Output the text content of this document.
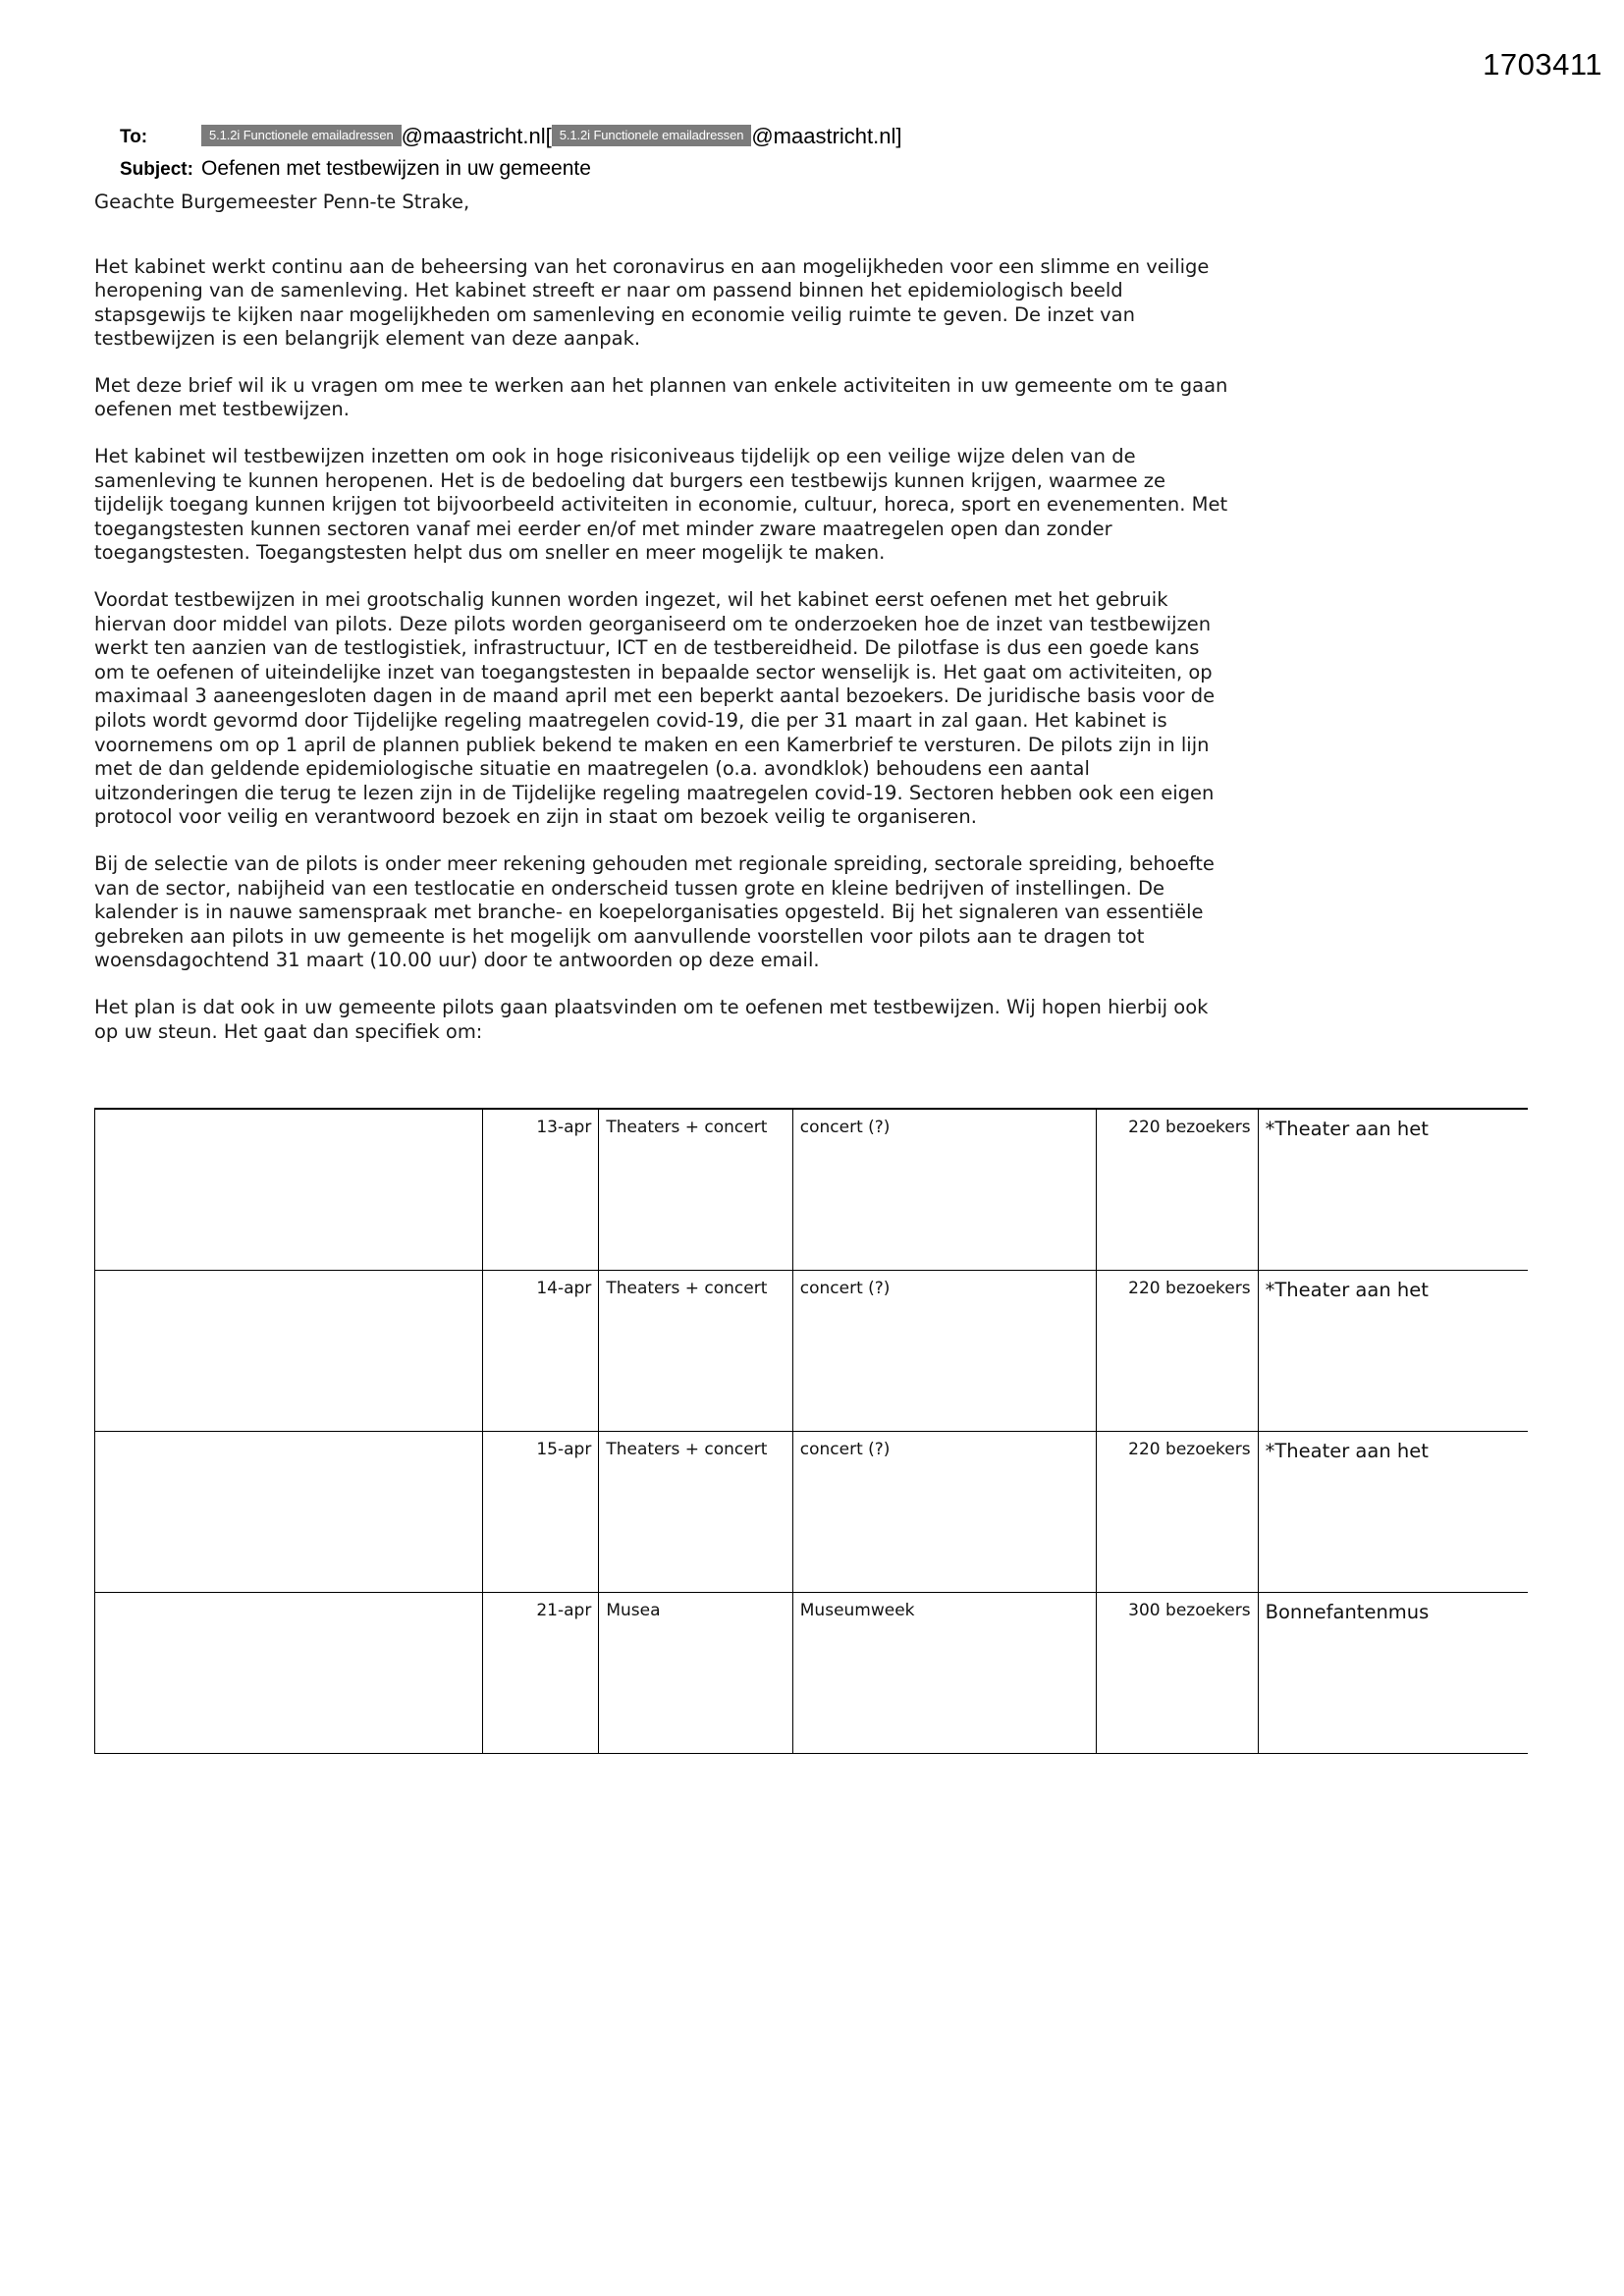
1703411
To:	5.1.2i Functionele emailadressen @maastricht.nl[ 5.1.2i Functionele emailadressen @maastricht.nl]
Subject: Oefenen met testbewijzen in uw gemeente

Geachte Burgemeester Penn-te Strake,

Het kabinet werkt continu aan de beheersing van het coronavirus en aan mogelijkheden voor een slimme en veilige heropening van de samenleving. Het kabinet streeft er naar om passend binnen het epidemiologisch beeld stapsgewijs te kijken naar mogelijkheden om samenleving en economie veilig ruimte te geven. De inzet van testbewijzen is een belangrijk element van deze aanpak.

Met deze brief wil ik u vragen om mee te werken aan het plannen van enkele activiteiten in uw gemeente om te gaan oefenen met testbewijzen.

Het kabinet wil testbewijzen inzetten om ook in hoge risiconiveaus tijdelijk op een veilige wijze delen van de samenleving te kunnen heropenen. Het is de bedoeling dat burgers een testbewijs kunnen krijgen, waarmee ze tijdelijk toegang kunnen krijgen tot bijvoorbeeld activiteiten in economie, cultuur, horeca, sport en evenementen. Met toegangstesten kunnen sectoren vanaf mei eerder en/of met minder zware maatregelen open dan zonder toegangstesten. Toegangstesten helpt dus om sneller en meer mogelijk te maken.

Voordat testbewijzen in mei grootschalig kunnen worden ingezet, wil het kabinet eerst oefenen met het gebruik hiervan door middel van pilots. Deze pilots worden georganiseerd om te onderzoeken hoe de inzet van testbewijzen werkt ten aanzien van de testlogistiek, infrastructuur, ICT en de testbereidheid. De pilotfase is dus een goede kans om te oefenen of uiteindelijke inzet van toegangstesten in bepaalde sector wenselijk is. Het gaat om activiteiten, op maximaal 3 aaneengesloten dagen in de maand april met een beperkt aantal bezoekers. De juridische basis voor de pilots wordt gevormd door Tijdelijke regeling maatregelen covid-19, die per 31 maart in zal gaan. Het kabinet is voornemens om op 1 april de plannen publiek bekend te maken en een Kamerbrief te versturen. De pilots zijn in lijn met de dan geldende epidemiologische situatie en maatregelen (o.a. avondklok) behoudens een aantal uitzonderingen die terug te lezen zijn in de Tijdelijke regeling maatregelen covid-19. Sectoren hebben ook een eigen protocol voor veilig en verantwoord bezoek en zijn in staat om bezoek veilig te organiseren.

Bij de selectie van de pilots is onder meer rekening gehouden met regionale spreiding, sectorale spreiding, behoefte van de sector, nabijheid van een testlocatie en onderscheid tussen grote en kleine bedrijven of instellingen. De kalender is in nauwe samenspraak met branche- en koepelorganisaties opgesteld. Bij het signaleren van essentiële gebreken aan pilots in uw gemeente is het mogelijk om aanvullende voorstellen voor pilots aan te dragen tot woensdagochtend 31 maart (10.00 uur) door te antwoorden op deze email.

Het plan is dat ook in uw gemeente pilots gaan plaatsvinden om te oefenen met testbewijzen. Wij hopen hierbij ook op uw steun. Het gaat dan specifiek om:

	13-apr	Theaters + concert	concert (?)	220 bezoekers	*Theater aan het
	14-apr	Theaters + concert	concert (?)	220 bezoekers	*Theater aan het
	15-apr	Theaters + concert	concert (?)	220 bezoekers	*Theater aan het
	21-apr	Musea	Museumweek	300 bezoekers	Bonnefantenmus
